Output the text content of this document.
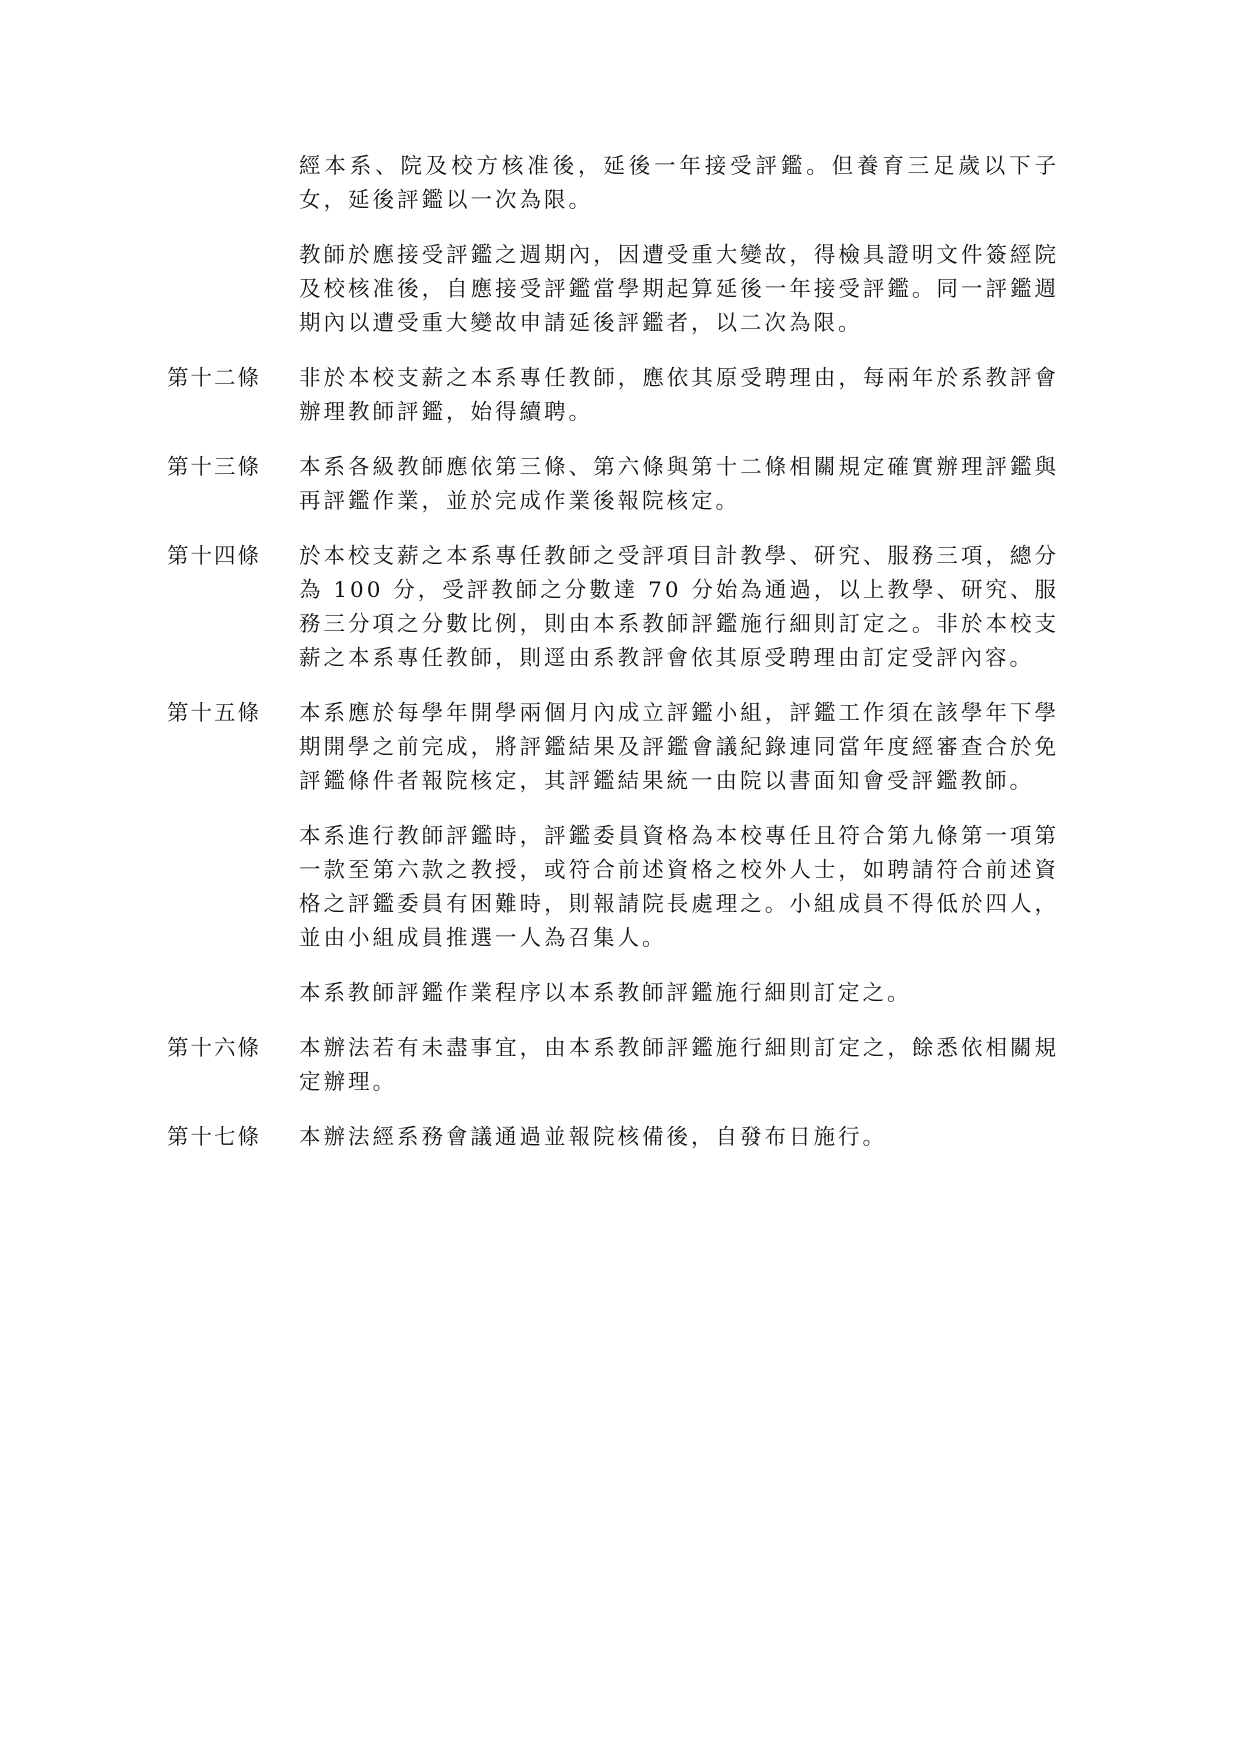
經本系、院及校方核准後，延後一年接受評鑑。但養育三足歲以下子女，延後評鑑以一次為限。
教師於應接受評鑑之週期內，因遭受重大變故，得檢具證明文件簽經院及校核准後，自應接受評鑑當學期起算延後一年接受評鑑。同一評鑑週期內以遭受重大變故申請延後評鑑者，以二次為限。
第十二條	非於本校支薪之本系專任教師，應依其原受聘理由，每兩年於系教評會辦理教師評鑑，始得續聘。
第十三條	本系各級教師應依第三條、第六條與第十二條相關規定確實辦理評鑑與再評鑑作業，並於完成作業後報院核定。
第十四條	於本校支薪之本系專任教師之受評項目計教學、研究、服務三項，總分為 100 分，受評教師之分數達 70 分始為通過，以上教學、研究、服務三分項之分數比例，則由本系教師評鑑施行細則訂定之。非於本校支薪之本系專任教師，則逕由系教評會依其原受聘理由訂定受評內容。
第十五條	本系應於每學年開學兩個月內成立評鑑小組，評鑑工作須在該學年下學期開學之前完成，將評鑑結果及評鑑會議紀錄連同當年度經審查合於免評鑑條件者報院核定，其評鑑結果統一由院以書面知會受評鑑教師。
本系進行教師評鑑時，評鑑委員資格為本校專任且符合第九條第一項第一款至第六款之教授，或符合前述資格之校外人士，如聘請符合前述資格之評鑑委員有困難時，則報請院長處理之。小組成員不得低於四人，並由小組成員推選一人為召集人。
本系教師評鑑作業程序以本系教師評鑑施行細則訂定之。
第十六條	本辦法若有未盡事宜，由本系教師評鑑施行細則訂定之，餘悉依相關規定辦理。
第十七條	本辦法經系務會議通過並報院核備後，自發布日施行。
